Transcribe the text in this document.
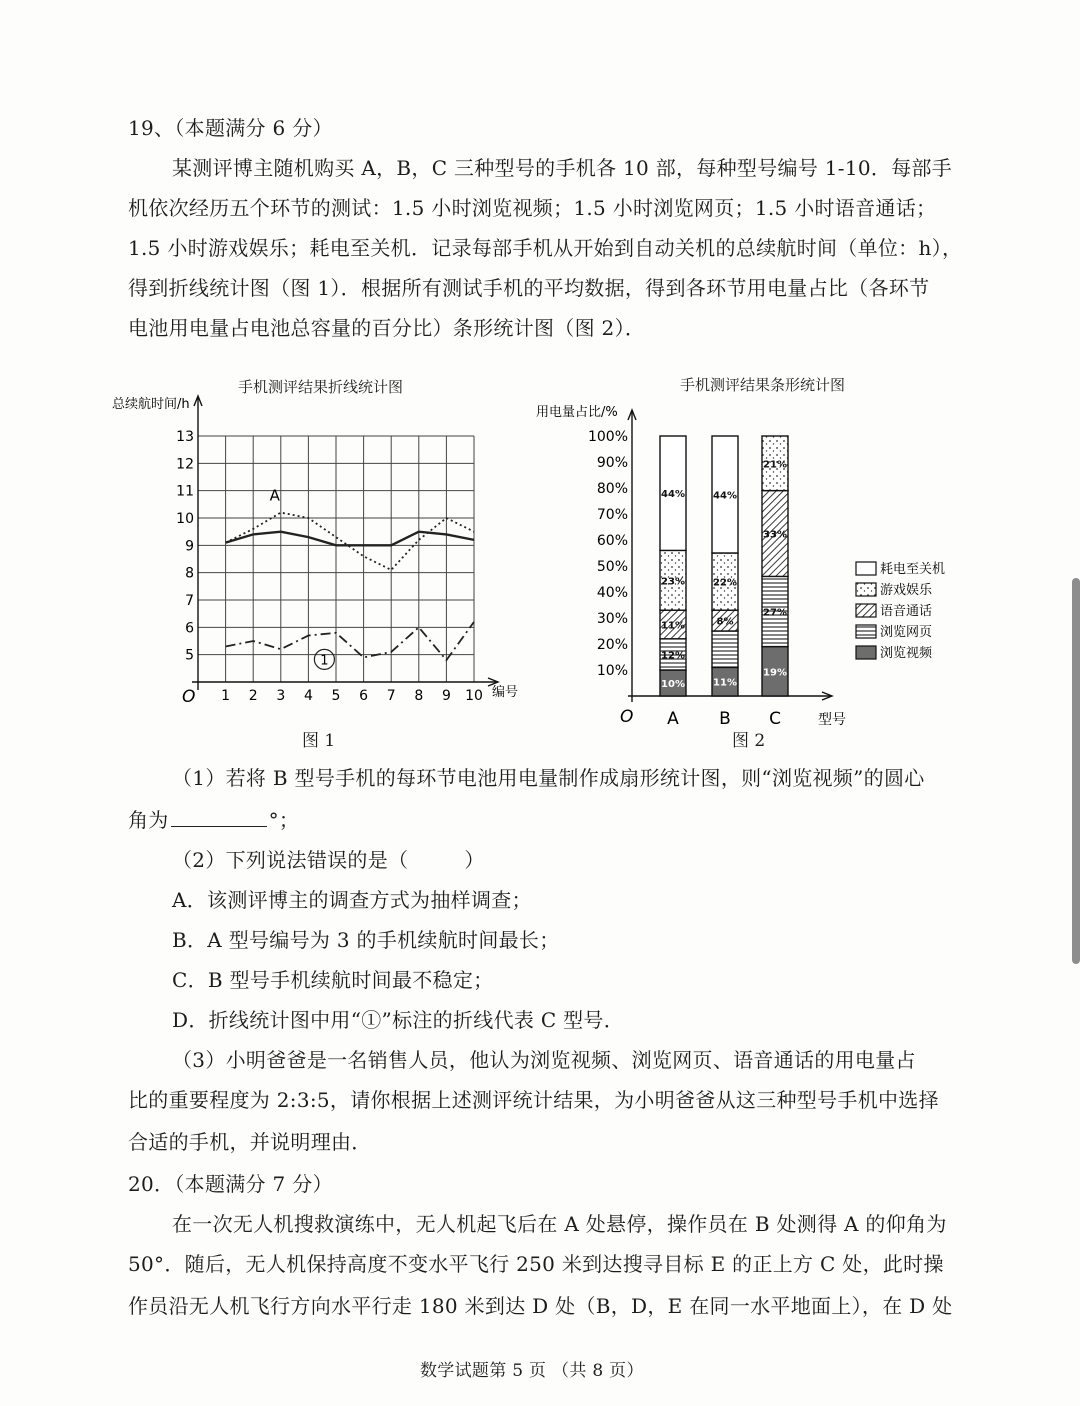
19、（本题满分 6 分）
某测评博主随机购买 A，B，C 三种型号的手机各 10 部，每种型号编号 1-10．每部手
机依次经历五个环节的测试：1.5 小时浏览视频；1.5 小时浏览网页；1.5 小时语音通话；
1.5 小时游戏娱乐；耗电至关机．记录每部手机从开始到自动关机的总续航时间（单位：h），
得到折线统计图（图 1）．根据所有测试手机的平均数据，得到各环节用电量占比（各环节
电池用电量占电池总容量的百分比）条形统计图（图 2）．
手机测评结果折线统计图
总续航时间/h
编号
O
5
6
7
8
9
10
11
12
13
1 2 3 4 5 6 7 8 9 10
A
1
图 1
手机测评结果条形统计图
用电量占比/%
型号
O
10%
20%
30%
40%
50%
60%
70%
80%
90%
100%
10%
12%
11%
23%
44%
A
11%
8%
22%
44%
B
19%
27%
33%
21%
C
耗电至关机
游戏娱乐
语音通话
浏览网页
浏览视频
图 2
（1）若将 B 型号手机的每环节电池用电量制作成扇形统计图，则“浏览视频”的圆心
角为	°；
（2）下列说法错误的是（	）
A．该测评博主的调查方式为抽样调查；
B．A 型号编号为 3 的手机续航时间最长；
C．B 型号手机续航时间最不稳定；
D．折线统计图中用“①”标注的折线代表 C 型号．
（3）小明爸爸是一名销售人员，他认为浏览视频、浏览网页、语音通话的用电量占
比的重要程度为 2:3:5，请你根据上述测评统计结果，为小明爸爸从这三种型号手机中选择
合适的手机，并说明理由．
20．（本题满分 7 分）
在一次无人机搜救演练中，无人机起飞后在 A 处悬停，操作员在 B 处测得 A 的仰角为
50°．随后，无人机保持高度不变水平飞行 250 米到达搜寻目标 E 的正上方 C 处，此时操
作员沿无人机飞行方向水平行走 180 米到达 D 处（B，D，E 在同一水平地面上），在 D 处
数学试题第 5 页 （共 8 页）
